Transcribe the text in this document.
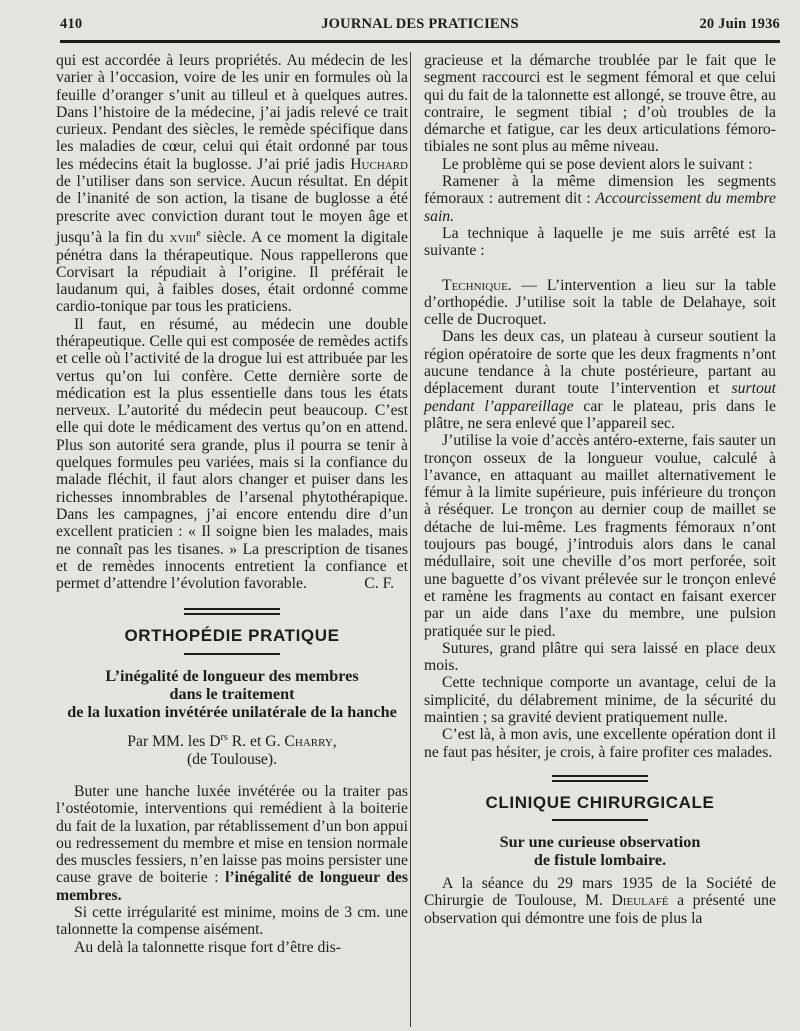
410	JOURNAL DES PRATICIENS	20 Juin 1936

qui est accordée à leurs propriétés. Au médecin de les varier à l’occasion, voire de les unir en formules où la feuille d’oranger s’unit au tilleul et à quelques autres. Dans l’histoire de la médecine, j’ai jadis relevé ce trait curieux. Pendant des siècles, le remède spécifique dans les maladies de cœur, celui qui était ordonné par tous les médecins était la buglosse. J’ai prié jadis Huchard de l’utiliser dans son service. Aucun résultat. En dépit de l’inanité de son action, la tisane de buglosse a été prescrite avec conviction durant tout le moyen âge et jusqu’à la fin du xviii$^e$ siècle. A ce moment la digitale pénétra dans la thérapeutique. Nous rappellerons que Corvisart la répudiait à l’origine. Il préférait le laudanum qui, à faibles doses, était ordonné comme cardio-tonique par tous les praticiens.

Il faut, en résumé, au médecin une double thérapeutique. Celle qui est composée de remèdes actifs et celle où l’activité de la drogue lui est attribuée par les vertus qu’on lui confère. Cette dernière sorte de médication est la plus essentielle dans tous les états nerveux. L’autorité du médecin peut beaucoup. C’est elle qui dote le médicament des vertus qu’on en attend. Plus son autorité sera grande, plus il pourra se tenir à quelques formules peu variées, mais si la confiance du malade fléchit, il faut alors changer et puiser dans les richesses innombrables de l’arsenal phytothérapique. Dans les campagnes, j’ai encore entendu dire d’un excellent praticien : « Il soigne bien les malades, mais ne connaît pas les tisanes. » La prescription de tisanes et de remèdes innocents entretient la confiance et permet d’attendre l’évolution favorable.	C. F.
ORTHOPÉDIE PRATIQUE
L’inégalité de longueur des membres
dans le traitement
de la luxation invétérée unilatérale de la hanche
Par MM. les $D^{rs}$ R. et G. Charry,
(de Toulouse).

Buter une hanche luxée invétérée ou la traiter pas l’ostéotomie, interventions qui remédient à la boiterie du fait de la luxation, par rétablissement d’un bon appui ou redressement du membre et mise en tension normale des muscles fessiers, n’en laisse pas moins persister une cause grave de boiterie : l’inégalité de longueur des membres.

Si cette irrégularité est minime, moins de 3 cm. une talonnette la compense aisément.

Au delà la talonnette risque fort d’être dis-

gracieuse et la démarche troublée par le fait que le segment raccourci est le segment fémoral et que celui qui du fait de la talonnette est allongé, se trouve être, au contraire, le segment tibial ; d’où troubles de la démarche et fatigue, car les deux articulations fémoro-tibiales ne sont plus au même niveau.

Le problème qui se pose devient alors le suivant :

Ramener à la même dimension les segments fémoraux : autrement dit : Accourcissement du membre sain.

La technique à laquelle je me suis arrêté est la suivante :

Technique. — L’intervention a lieu sur la table d’orthopédie. J’utilise soit la table de Delahaye, soit celle de Ducroquet.

Dans les deux cas, un plateau à curseur soutient la région opératoire de sorte que les deux fragments n’ont aucune tendance à la chute postérieure, partant au déplacement durant toute l’intervention et surtout pendant l’appareillage car le plateau, pris dans le plâtre, ne sera enlevé que l’appareil sec.

J’utilise la voie d’accès antéro-externe, fais sauter un tronçon osseux de la longueur voulue, calculé à l’avance, en attaquant au maillet alternativement le fémur à la limite supérieure, puis inférieure du tronçon à réséquer. Le tronçon au dernier coup de maillet se détache de lui-même. Les fragments fémoraux n’ont toujours pas bougé, j’introduis alors dans le canal médullaire, soit une cheville d’os mort perforée, soit une baguette d’os vivant prélevée sur le tronçon enlevé et ramène les fragments au contact en faisant exercer par un aide dans l’axe du membre, une pulsion pratiquée sur le pied.

Sutures, grand plâtre qui sera laissé en place deux mois.

Cette technique comporte un avantage, celui de la simplicité, du délabrement minime, de la sécurité du maintien ; sa gravité devient pratiquement nulle.

C’est là, à mon avis, une excellente opération dont il ne faut pas hésiter, je crois, à faire profiter ces malades.

CLINIQUE CHIRURGICALE
Sur une curieuse observation
de fistule lombaire.

A la séance du 29 mars 1935 de la Société de Chirurgie de Toulouse, M. Dieulafé a présenté une observation qui démontre une fois de plus la
